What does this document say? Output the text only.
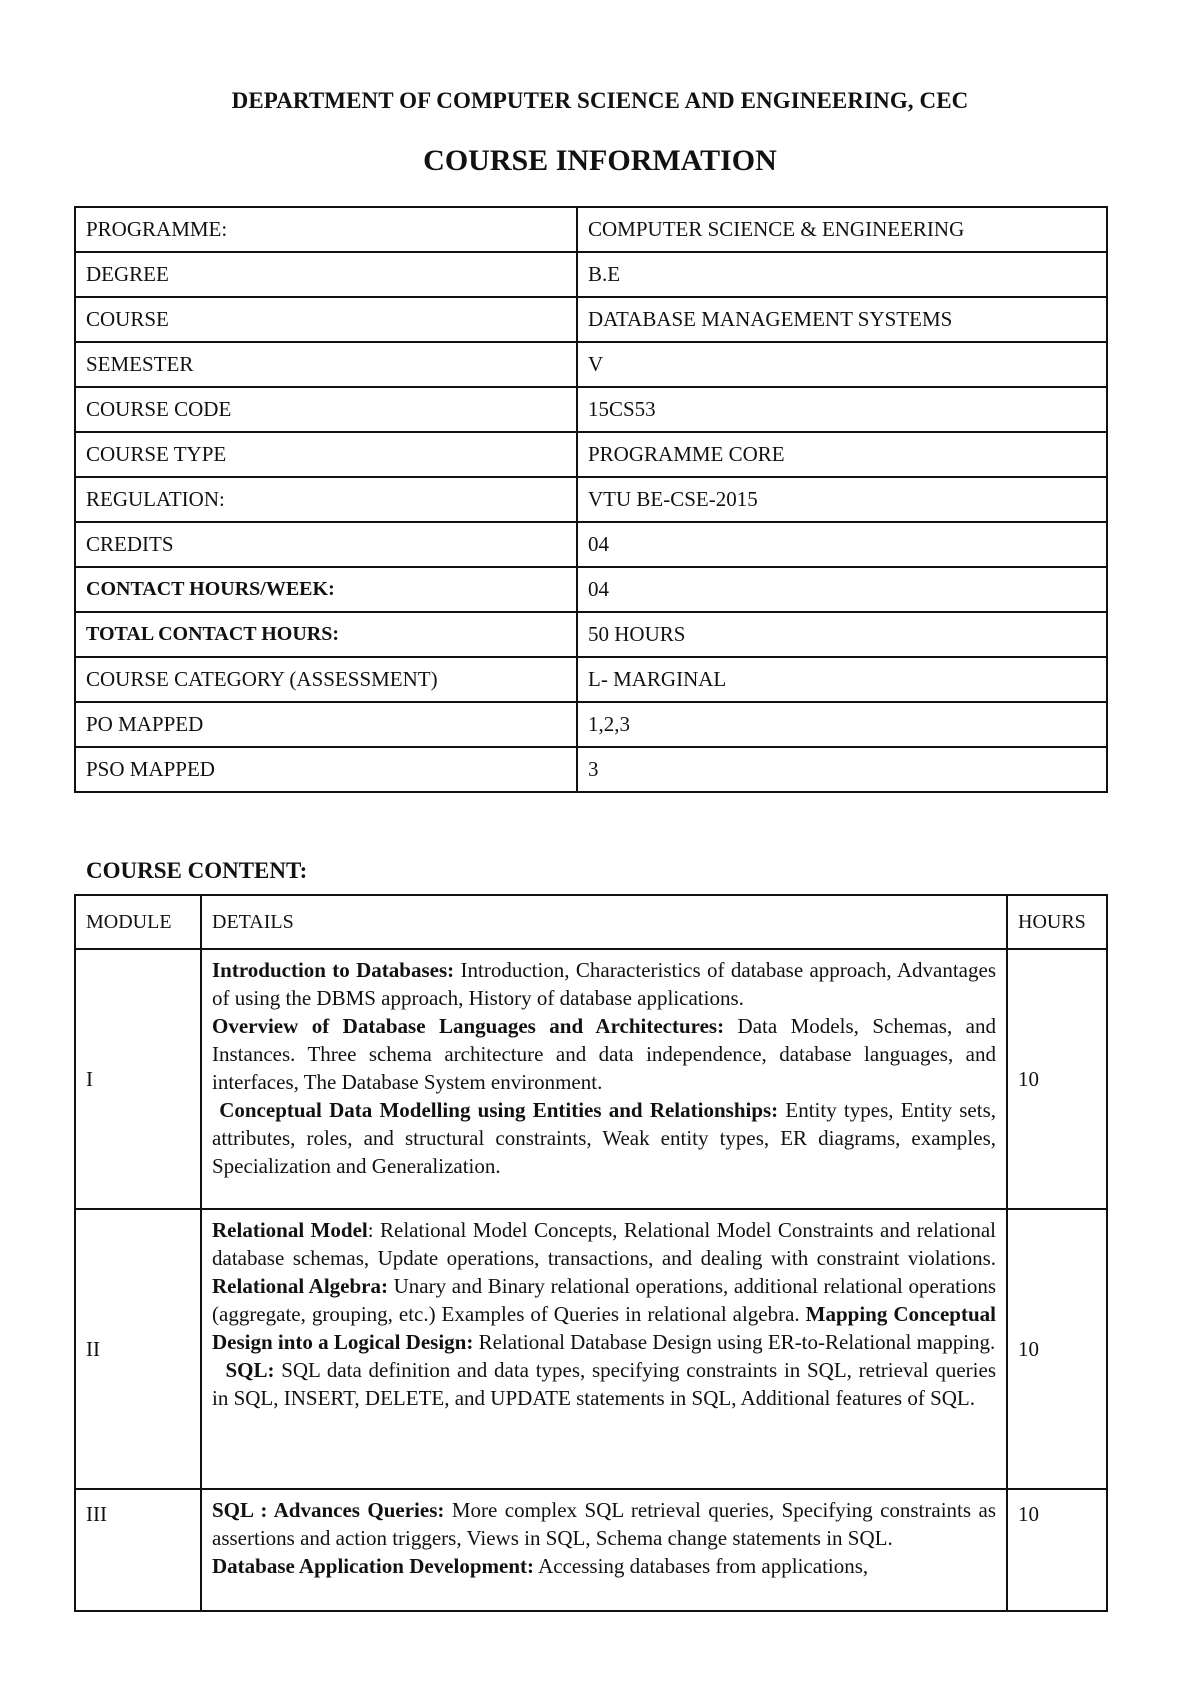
DEPARTMENT OF COMPUTER SCIENCE AND ENGINEERING, CEC
COURSE INFORMATION
PROGRAMME:	COMPUTER SCIENCE & ENGINEERING
DEGREE	B.E
COURSE	DATABASE MANAGEMENT SYSTEMS
SEMESTER	V
COURSE CODE	15CS53
COURSE TYPE	PROGRAMME CORE
REGULATION:	VTU BE-CSE-2015
CREDITS	04
CONTACT HOURS/WEEK:	04
TOTAL CONTACT HOURS:	50 HOURS
COURSE CATEGORY (ASSESSMENT)	L- MARGINAL
PO MAPPED	1,2,3
PSO MAPPED	3
COURSE CONTENT:
MODULE	DETAILS	HOURS
I	Introduction to Databases: Introduction, Characteristics of database approach, Advantages of using the DBMS approach, History of database applications.
Overview of Database Languages and Architectures: Data Models, Schemas, and Instances. Three schema architecture and data independence, database languages, and interfaces, The Database System environment.
Conceptual Data Modelling using Entities and Relationships: Entity types, Entity sets, attributes, roles, and structural constraints, Weak entity types, ER diagrams, examples, Specialization and Generalization.	10
II	Relational Model: Relational Model Concepts, Relational Model Constraints and relational database schemas, Update operations, transactions, and dealing with constraint violations. Relational Algebra: Unary and Binary relational operations, additional relational operations (aggregate, grouping, etc.) Examples of Queries in relational algebra. Mapping Conceptual Design into a Logical Design: Relational Database Design using ER-to-Relational mapping.
SQL: SQL data definition and data types, specifying constraints in SQL, retrieval queries in SQL, INSERT, DELETE, and UPDATE statements in SQL, Additional features of SQL.	10
III	SQL : Advances Queries: More complex SQL retrieval queries, Specifying constraints as assertions and action triggers, Views in SQL, Schema change statements in SQL.
Database Application Development: Accessing databases from applications,	10
